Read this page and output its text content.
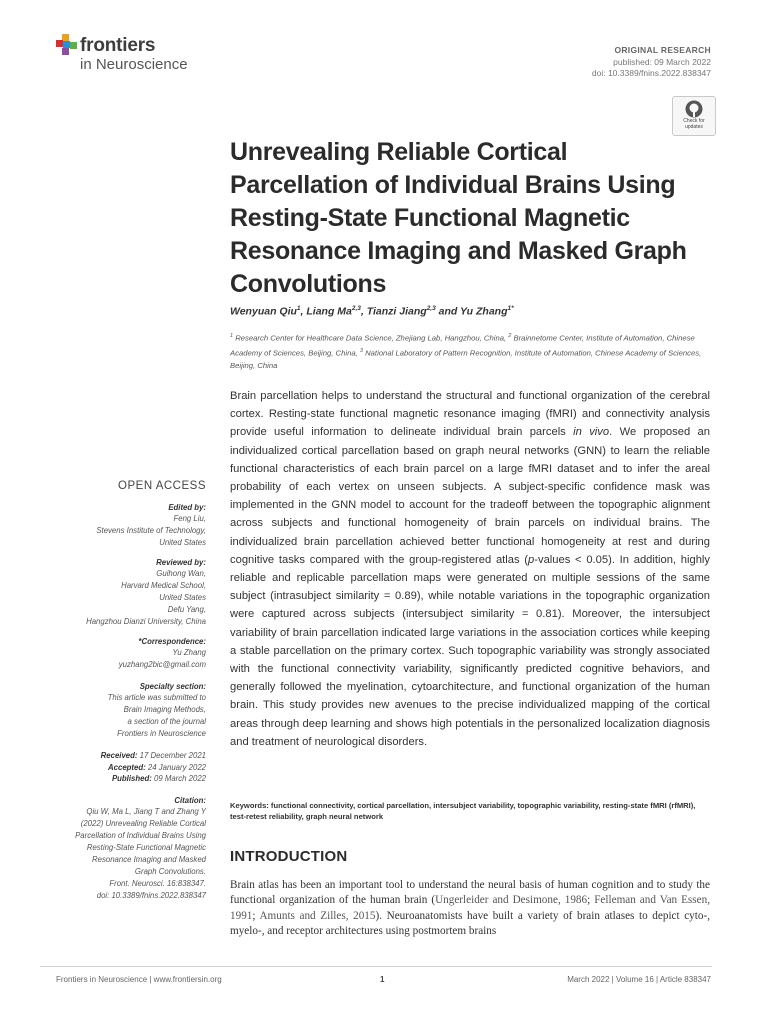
frontiers
in Neuroscience
ORIGINAL RESEARCH
published: 09 March 2022
doi: 10.3389/fnins.2022.838347
Check for
updates
Unrevealing Reliable Cortical Parcellation of Individual Brains Using Resting-State Functional Magnetic Resonance Imaging and Masked Graph Convolutions
Wenyuan Qiu$^1$, Liang Ma$^{2,3}$, Tianzi Jiang$^{2,3}$ and Yu Zhang$^{1*}$
$^1$ Research Center for Healthcare Data Science, Zhejiang Lab, Hangzhou, China, $^2$ Brainnetome Center, Institute of Automation, Chinese Academy of Sciences, Beijing, China, $^3$ National Laboratory of Pattern Recognition, Institute of Automation, Chinese Academy of Sciences, Beijing, China

Brain parcellation helps to understand the structural and functional organization of the cerebral cortex. Resting-state functional magnetic resonance imaging (fMRI) and connectivity analysis provide useful information to delineate individual brain parcels in vivo. We proposed an individualized cortical parcellation based on graph neural networks (GNN) to learn the reliable functional characteristics of each brain parcel on a large fMRI dataset and to infer the areal probability of each vertex on unseen subjects. A subject-specific confidence mask was implemented in the GNN model to account for the tradeoff between the topographic alignment across subjects and functional homogeneity of brain parcels on individual brains. The individualized brain parcellation achieved better functional homogeneity at rest and during cognitive tasks compared with the group-registered atlas (p-values < 0.05). In addition, highly reliable and replicable parcellation maps were generated on multiple sessions of the same subject (intrasubject similarity = 0.89), while notable variations in the topographic organization were captured across subjects (intersubject similarity = 0.81). Moreover, the intersubject variability of brain parcellation indicated large variations in the association cortices while keeping a stable parcellation on the primary cortex. Such topographic variability was strongly associated with the functional connectivity variability, significantly predicted cognitive behaviors, and generally followed the myelination, cytoarchitecture, and functional organization of the human brain. This study provides new avenues to the precise individualized mapping of the cortical areas through deep learning and shows high potentials in the personalized localization diagnosis and treatment of neurological disorders.

Keywords: functional connectivity, cortical parcellation, intersubject variability, topographic variability, resting-state fMRI (rfMRI), test-retest reliability, graph neural network
OPEN ACCESS
Edited by:
Feng Liu,
Stevens Institute of Technology,
United States
Reviewed by:
Guihong Wan,
Harvard Medical School,
United States
Defu Yang,
Hangzhou Dianzi University, China
*Correspondence:
Yu Zhang
yuzhang2bic@gmail.com
Specialty section:
This article was submitted to
Brain Imaging Methods,
a section of the journal
Frontiers in Neuroscience
Received: 17 December 2021
Accepted: 24 January 2022
Published: 09 March 2022
Citation:
Qiu W, Ma L, Jiang T and Zhang Y
(2022) Unrevealing Reliable Cortical
Parcellation of Individual Brains Using
Resting-State Functional Magnetic
Resonance Imaging and Masked
Graph Convolutions.
Front. Neurosci. 16:838347.
doi: 10.3389/fnins.2022.838347
INTRODUCTION
Brain atlas has been an important tool to understand the neural basis of human cognition and to study the functional organization of the human brain (Ungerleider and Desimone, 1986; Felleman and Van Essen, 1991; Amunts and Zilles, 2015). Neuroanatomists have built a variety of brain atlases to depict cyto-, myelo-, and receptor architectures using postmortem brains
Frontiers in Neuroscience | www.frontiersin.org	1	March 2022 | Volume 16 | Article 838347
